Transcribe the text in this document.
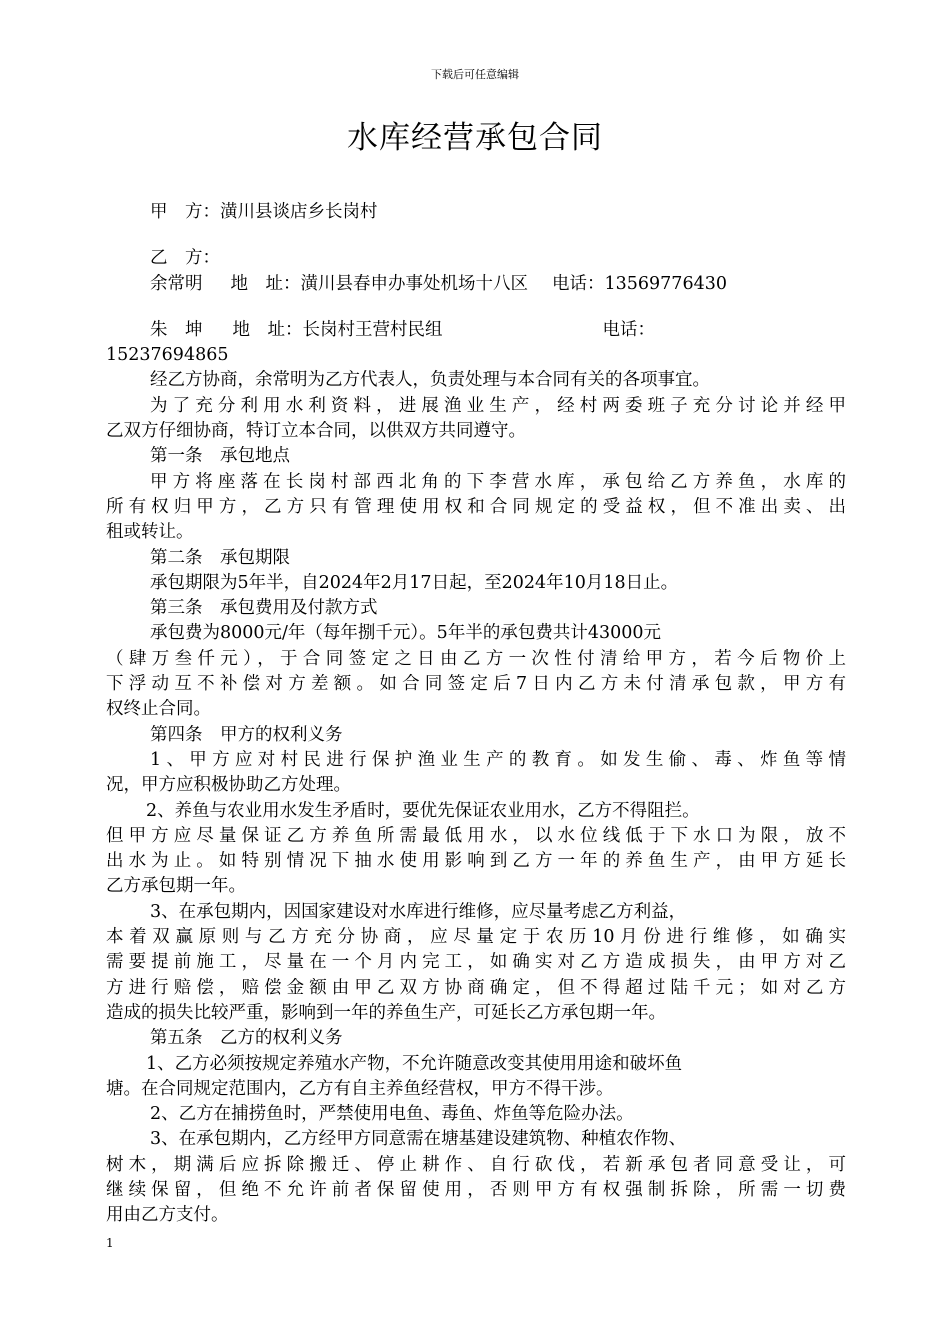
下载后可任意编辑
水库经营承包合同
甲　方：潢川县谈店乡长岗村
乙　方：
余常明 地　址：潢川县春申办事处机场十八区 电话：13569776430
朱　坤 地　址：长岗村王营村民组	电话：
15237694865
经乙方协商，余常明为乙方代表人，负责处理与本合同有关的各项事宜。
为了充分利用水利资料，进展渔业生产，经村两委班子充分讨论并经甲
乙双方仔细协商，特订立本合同，以供双方共同遵守。
第一条　承包地点
甲方将座落在长岗村部西北角的下李营水库，承包给乙方养鱼，水库的
所有权归甲方，乙方只有管理使用权和合同规定的受益权，但不准出卖、出
租或转让。
第二条　承包期限
承包期限为5年半，自2024年2月17日起，至2024年10月18日止。
第三条　承包费用及付款方式
承包费为8000元/年（每年捌千元）。5年半的承包费共计43000元
（肆万叁仟元），于合同签定之日由乙方一次性付清给甲方，若今后物价上
下浮动互不补偿对方差额。如合同签定后7日内乙方未付清承包款，甲方有
权终止合同。
第四条　甲方的权利义务
1、甲方应对村民进行保护渔业生产的教育。如发生偷、毒、炸鱼等情
况，甲方应积极协助乙方处理。
2、养鱼与农业用水发生矛盾时，要优先保证农业用水，乙方不得阻拦。
但甲方应尽量保证乙方养鱼所需最低用水，以水位线低于下水口为限，放不
出水为止。如特别情况下抽水使用影响到乙方一年的养鱼生产，由甲方延长
乙方承包期一年。
3、在承包期内，因国家建设对水库进行维修，应尽量考虑乙方利益，
本着双赢原则与乙方充分协商，应尽量定于农历10月份进行维修，如确实
需要提前施工，尽量在一个月内完工，如确实对乙方造成损失，由甲方对乙
方进行赔偿，赔偿金额由甲乙双方协商确定，但不得超过陆千元；如对乙方
造成的损失比较严重，影响到一年的养鱼生产，可延长乙方承包期一年。
第五条　乙方的权利义务
1、乙方必须按规定养殖水产物，不允许随意改变其使用用途和破坏鱼
塘。在合同规定范围内，乙方有自主养鱼经营权，甲方不得干涉。
2、乙方在捕捞鱼时，严禁使用电鱼、毒鱼、炸鱼等危险办法。
3、在承包期内，乙方经甲方同意需在塘基建设建筑物、种植农作物、
树木，期满后应拆除搬迁、停止耕作、自行砍伐，若新承包者同意受让，可
继续保留，但绝不允许前者保留使用，否则甲方有权强制拆除，所需一切费
用由乙方支付。
1
